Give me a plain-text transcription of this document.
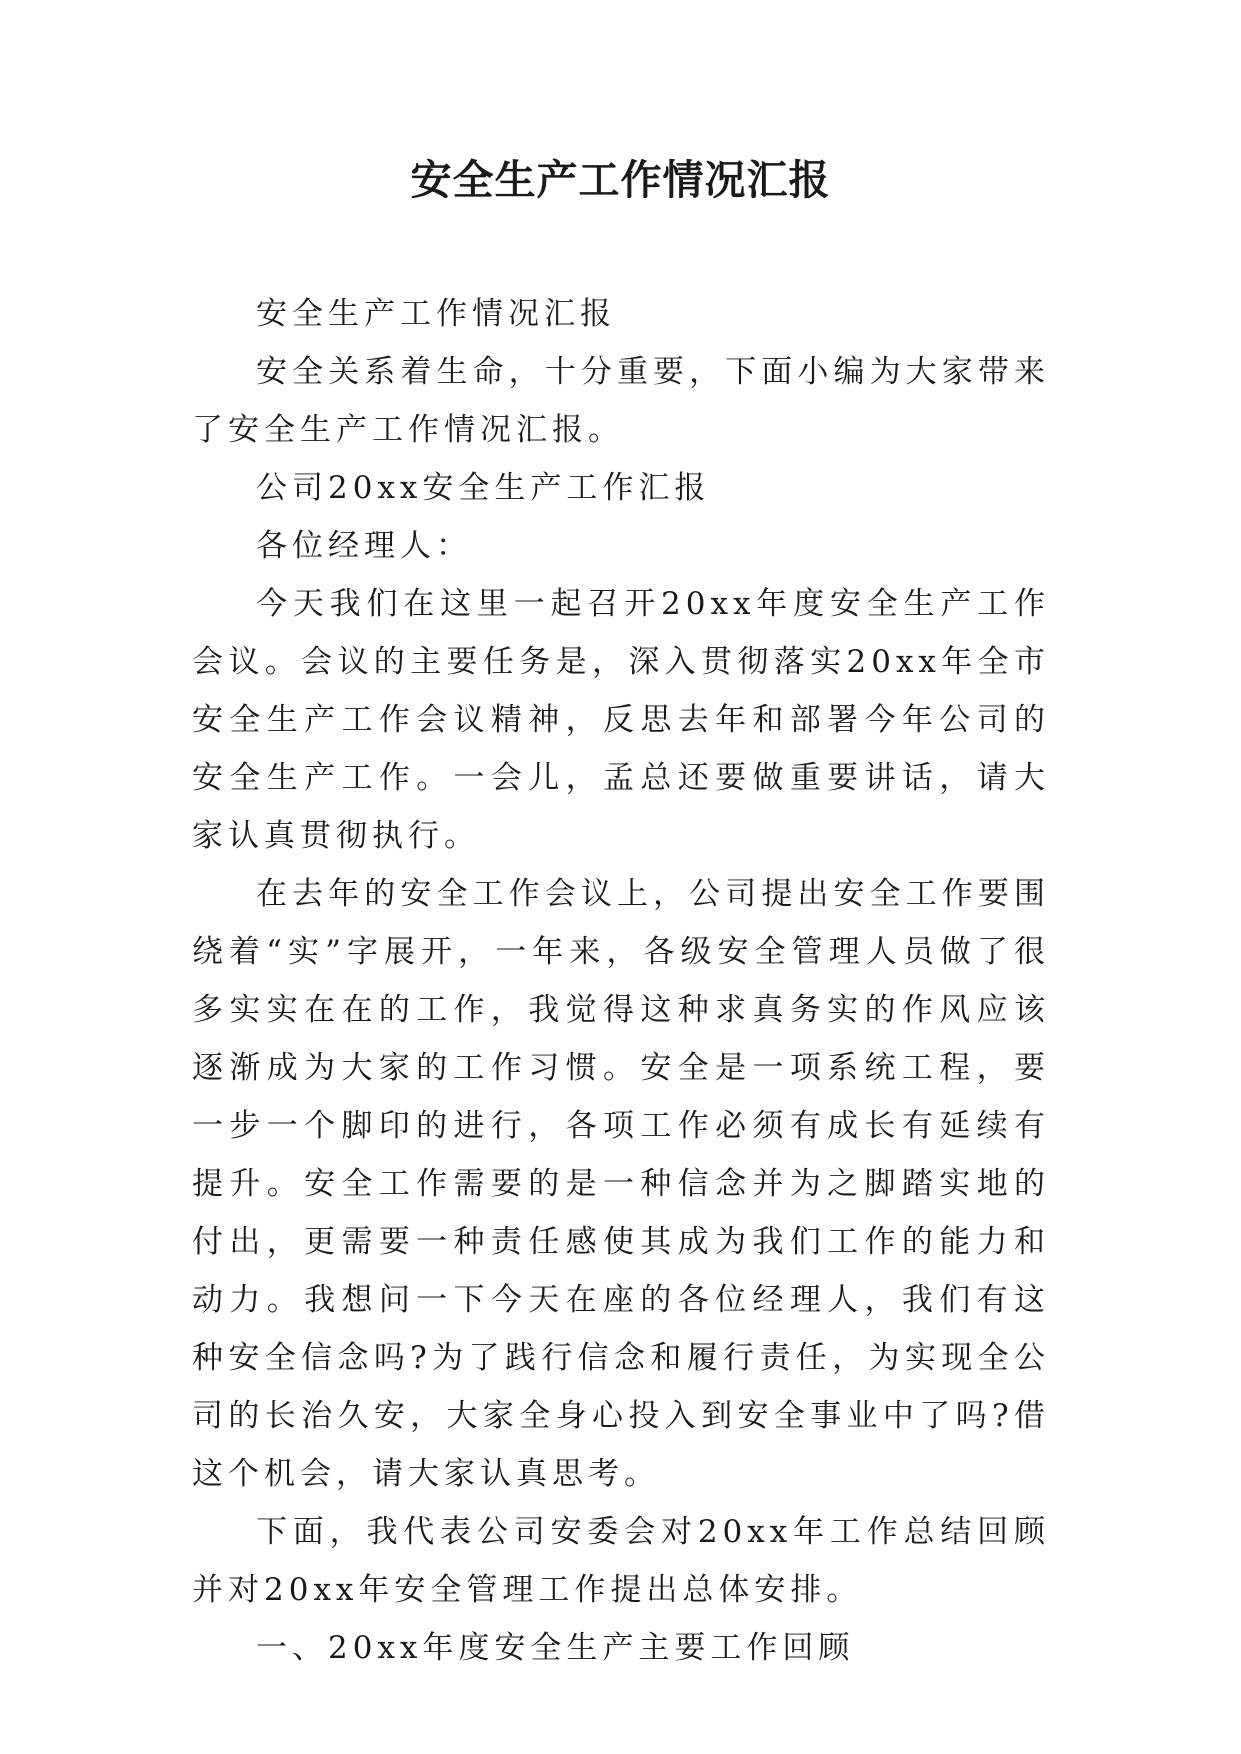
安全生产工作情况汇报

安全生产工作情况汇报

安全关系着生命，十分重要，下面小编为大家带来了安全生产工作情况汇报。

公司20xx安全生产工作汇报

各位经理人：

今天我们在这里一起召开20xx年度安全生产工作会议。会议的主要任务是，深入贯彻落实20xx年全市安全生产工作会议精神，反思去年和部署今年公司的安全生产工作。一会儿，孟总还要做重要讲话，请大家认真贯彻执行。

在去年的安全工作会议上，公司提出安全工作要围绕着“实”字展开，一年来，各级安全管理人员做了很多实实在在的工作，我觉得这种求真务实的作风应该逐渐成为大家的工作习惯。安全是一项系统工程，要一步一个脚印的进行，各项工作必须有成长有延续有提升。安全工作需要的是一种信念并为之脚踏实地的付出，更需要一种责任感使其成为我们工作的能力和动力。我想问一下今天在座的各位经理人，我们有这种安全信念吗?为了践行信念和履行责任，为实现全公司的长治久安，大家全身心投入到安全事业中了吗?借这个机会，请大家认真思考。

下面，我代表公司安委会对20xx年工作总结回顾并对20xx年安全管理工作提出总体安排。

一、20xx年度安全生产主要工作回顾
